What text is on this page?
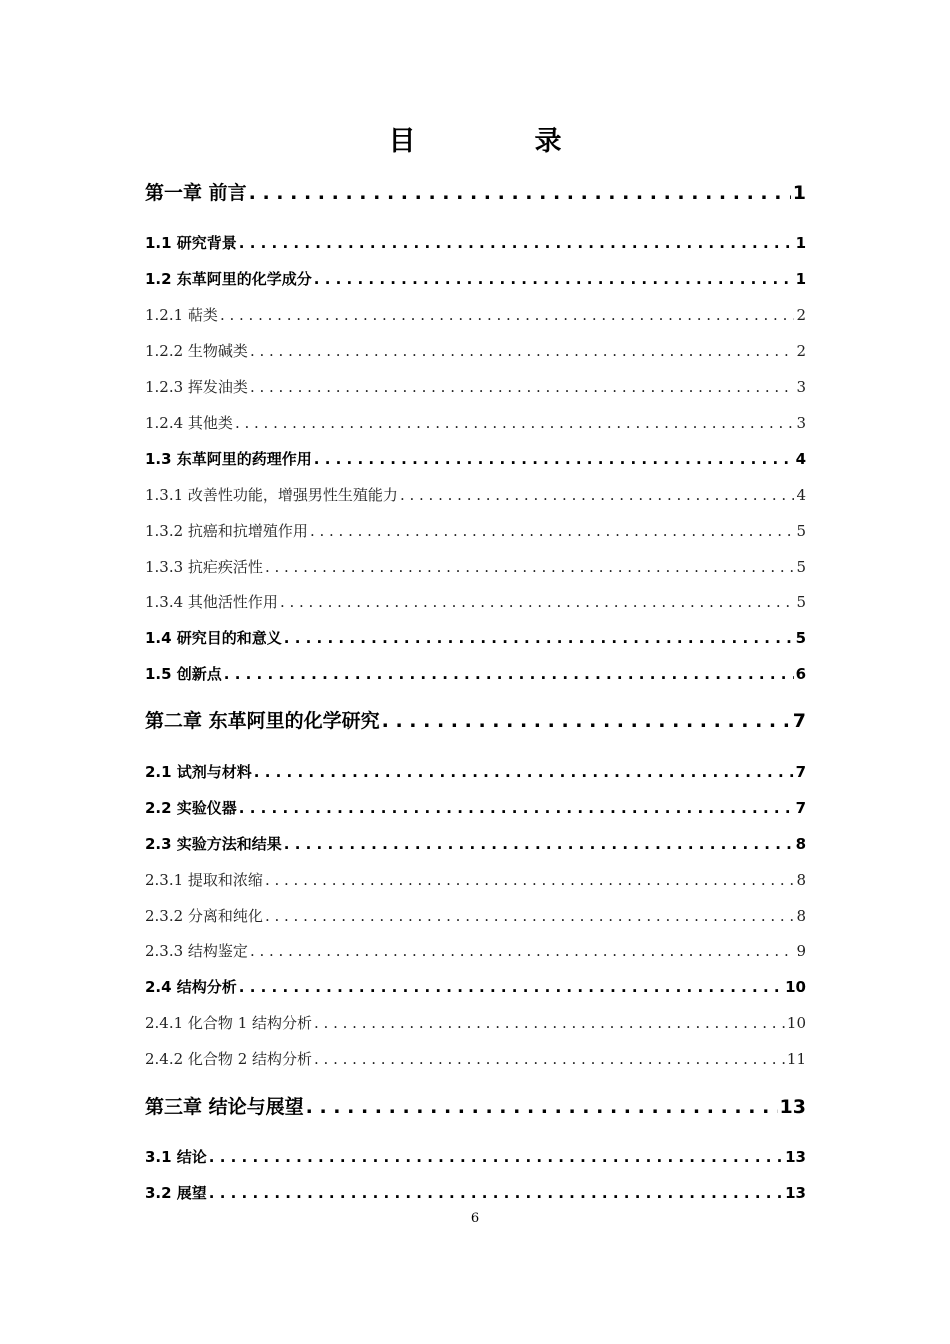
目　录
第一章 前言 . . .	1
1.1 研究背景 . . .	1
1.2 东革阿里的化学成分 . . .	1
1.2.1 萜类 . . .	2
1.2.2 生物碱类 . . .	2
1.2.3 挥发油类 . . .	3
1.2.4 其他类 . . .	3
1.3 东革阿里的药理作用 . . .	4
1.3.1 改善性功能，增强男性生殖能力 . . .	4
1.3.2 抗癌和抗增殖作用 . . .	5
1.3.3 抗疟疾活性 . . .	5
1.3.4 其他活性作用 . . .	5
1.4 研究目的和意义 . . .	5
1.5 创新点 . . .	6
第二章 东革阿里的化学研究 . . .	7
2.1 试剂与材料 . . .	7
2.2 实验仪器 . . .	7
2.3 实验方法和结果 . . .	8
2.3.1 提取和浓缩 . . .	8
2.3.2 分离和纯化 . . .	8
2.3.3 结构鉴定 . . .	9
2.4 结构分析 . . .	10
2.4.1 化合物 1 结构分析 . . .	10
2.4.2 化合物 2 结构分析 . . .	11
第三章 结论与展望 . . .	13
3.1 结论 . . .	13
3.2 展望 . . .	13
6
